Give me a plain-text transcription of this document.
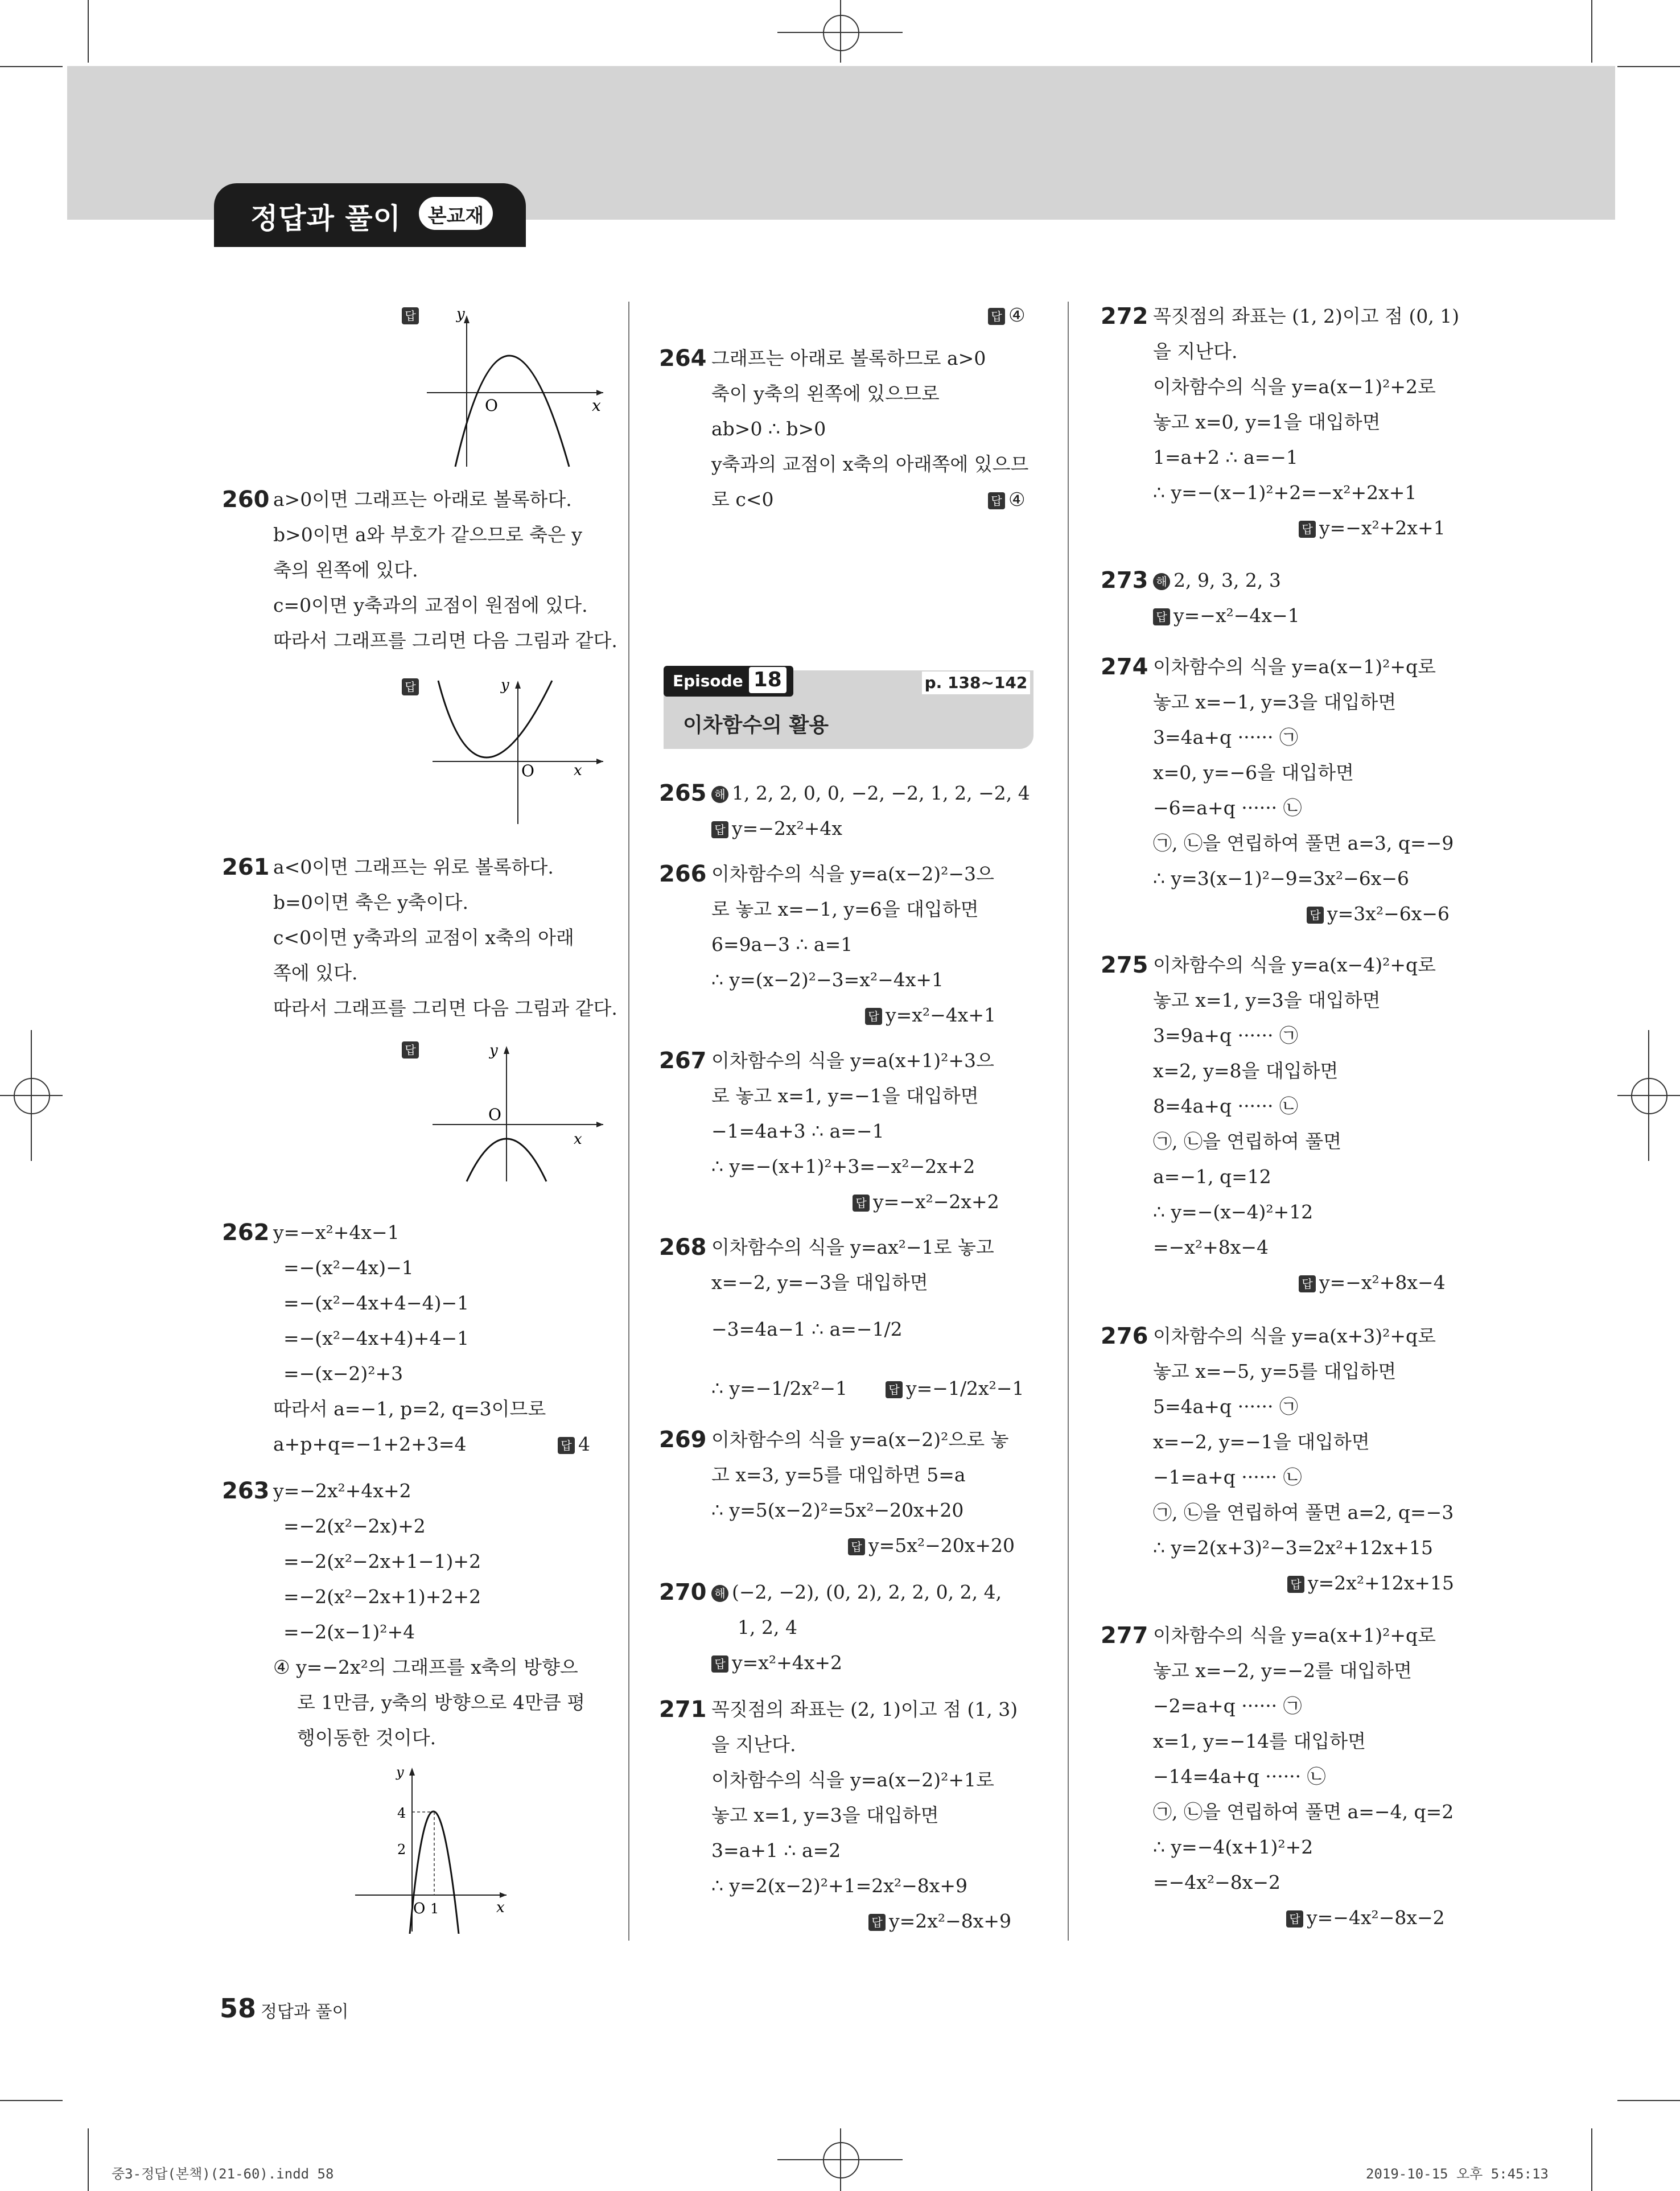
정답과 풀이	본교재
답	y
x
O
260 a>0이면 그래프는 아래로 볼록하다.
b>0이면 a와 부호가 같으므로 축은 y
축의 왼쪽에 있다.
c=0이면 y축과의 교점이 원점에 있다.
따라서 그래프를 그리면 다음 그림과 같다.
답	y
x
O
261 a<0이면 그래프는 위로 볼록하다.
b=0이면 축은 y축이다.
c<0이면 y축과의 교점이 x축의 아래
쪽에 있다.
따라서 그래프를 그리면 다음 그림과 같다.
답	y
x
O
262 y=−x²+4x−1
=−(x²−4x)−1
=−(x²−4x+4−4)−1
=−(x²−4x+4)+4−1
=−(x−2)²+3
따라서 a=−1, p=2, q=3이므로
a+p+q=−1+2+3=4	답 4
263 y=−2x²+4x+2
=−2(x²−2x)+2
=−2(x²−2x+1−1)+2
=−2(x²−2x+1)+2+2
=−2(x−1)²+4
④ y=−2x²의 그래프를 x축의 방향으
로 1만큼, y축의 방향으로 4만큼 평
행이동한 것이다.
y
4
2
O 1	x
답 ④
264 그래프는 아래로 볼록하므로 a>0
축이 y축의 왼쪽에 있으므로
ab>0 ∴ b>0
y축과의 교점이 x축의 아래쪽에 있으므
로 c<0	답 ④
Episode 18	p. 138~142
이차함수의 활용
265 해 1, 2, 2, 0, 0, −2, −2, 1, 2, −2, 4
답 y=−2x²+4x
266 이차함수의 식을 y=a(x−2)²−3으
로 놓고 x=−1, y=6을 대입하면
6=9a−3 ∴ a=1
∴ y=(x−2)²−3=x²−4x+1
답 y=x²−4x+1
267 이차함수의 식을 y=a(x+1)²+3으
로 놓고 x=1, y=−1을 대입하면
−1=4a+3 ∴ a=−1
∴ y=−(x+1)²+3=−x²−2x+2
답 y=−x²−2x+2
268 이차함수의 식을 y=ax²−1로 놓고
x=−2, y=−3을 대입하면
−3=4a−1 ∴ a=−1/2
∴ y=−1/2x²−1	답 y=−1/2x²−1
269 이차함수의 식을 y=a(x−2)²으로 놓
고 x=3, y=5를 대입하면 5=a
∴ y=5(x−2)²=5x²−20x+20
답 y=5x²−20x+20
270 해 (−2, −2), (0, 2), 2, 2, 0, 2, 4,
1, 2, 4
답 y=x²+4x+2
271 꼭짓점의 좌표는 (2, 1)이고 점 (1, 3)
을 지난다.
이차함수의 식을 y=a(x−2)²+1로
놓고 x=1, y=3을 대입하면
3=a+1 ∴ a=2
∴ y=2(x−2)²+1=2x²−8x+9
답 y=2x²−8x+9
272 꼭짓점의 좌표는 (1, 2)이고 점 (0, 1)
을 지난다.
이차함수의 식을 y=a(x−1)²+2로
놓고 x=0, y=1을 대입하면
1=a+2 ∴ a=−1
∴ y=−(x−1)²+2=−x²+2x+1
답 y=−x²+2x+1
273 해 2, 9, 3, 2, 3
답 y=−x²−4x−1
274 이차함수의 식을 y=a(x−1)²+q로
놓고 x=−1, y=3을 대입하면
3=4a+q ······ ㉠
x=0, y=−6을 대입하면
−6=a+q ······ ㉡
㉠, ㉡을 연립하여 풀면 a=3, q=−9
∴ y=3(x−1)²−9=3x²−6x−6
답 y=3x²−6x−6
275 이차함수의 식을 y=a(x−4)²+q로
놓고 x=1, y=3을 대입하면
3=9a+q ······ ㉠
x=2, y=8을 대입하면
8=4a+q ······ ㉡
㉠, ㉡을 연립하여 풀면
a=−1, q=12
∴ y=−(x−4)²+12
=−x²+8x−4
답 y=−x²+8x−4
276 이차함수의 식을 y=a(x+3)²+q로
놓고 x=−5, y=5를 대입하면
5=4a+q ······ ㉠
x=−2, y=−1을 대입하면
−1=a+q ······ ㉡
㉠, ㉡을 연립하여 풀면 a=2, q=−3
∴ y=2(x+3)²−3=2x²+12x+15
답 y=2x²+12x+15
277 이차함수의 식을 y=a(x+1)²+q로
놓고 x=−2, y=−2를 대입하면
−2=a+q ······ ㉠
x=1, y=−14를 대입하면
−14=4a+q ······ ㉡
㉠, ㉡을 연립하여 풀면 a=−4, q=2
∴ y=−4(x+1)²+2
=−4x²−8x−2
답 y=−4x²−8x−2
58 정답과 풀이
중3-정답(본책)(21-60).indd 58	2019-10-15 오후 5:45:13
